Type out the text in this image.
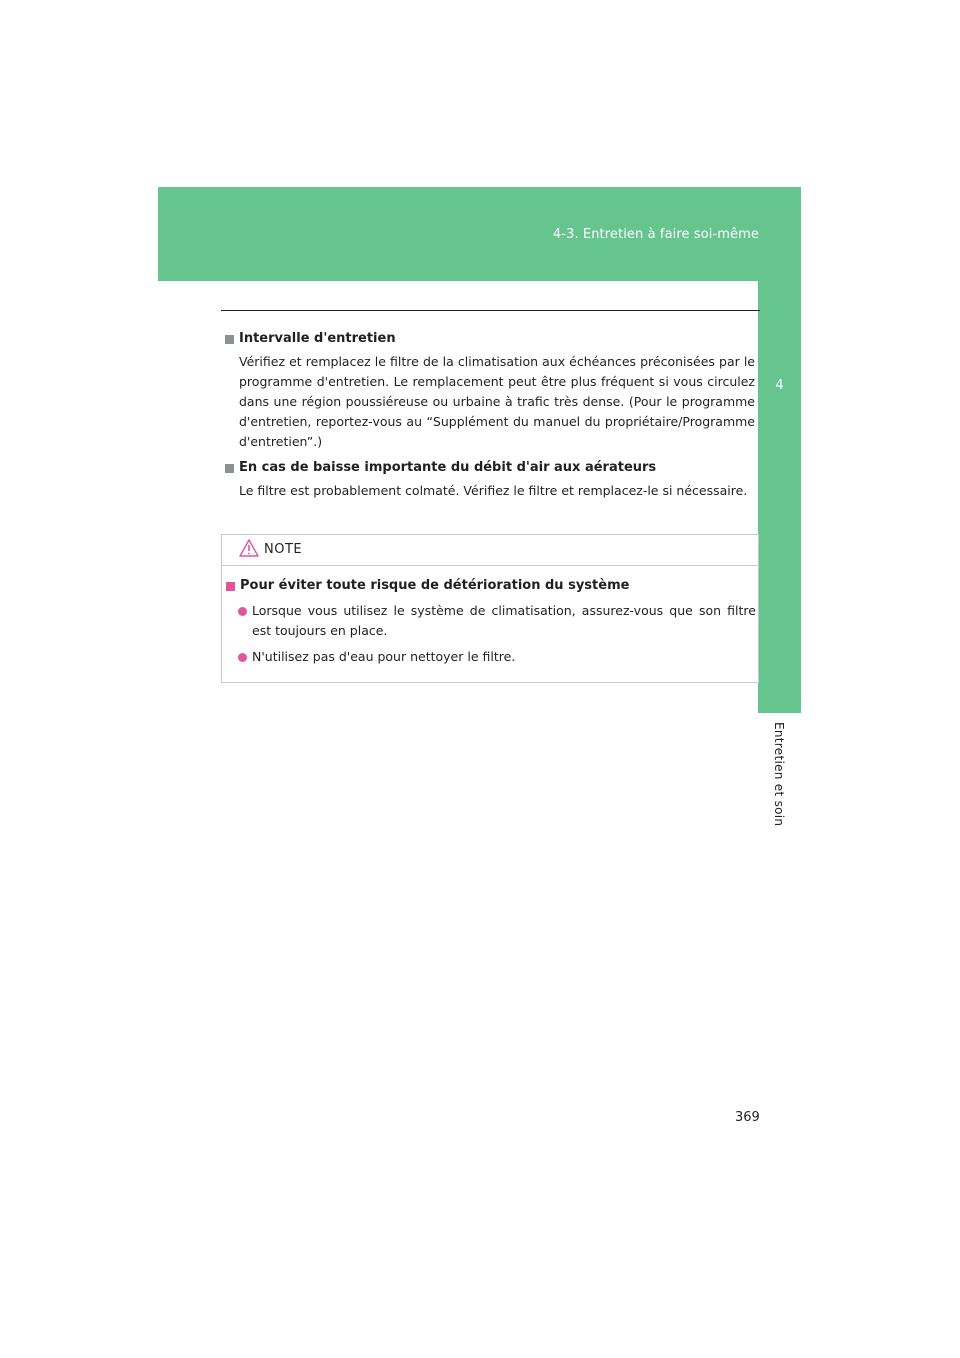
4-3. Entretien à faire soi-même
4
Entretien et soin
Intervalle d'entretien
Vérifiez et remplacez le filtre de la climatisation aux échéances préconisées par le programme d'entretien. Le remplacement peut être plus fréquent si vous circulez dans une région poussiéreuse ou urbaine à trafic très dense. (Pour le programme d'entretien, reportez-vous au “Supplément du manuel du propriétaire/Programme d'entretien”.)
En cas de baisse importante du débit d'air aux aérateurs
Le filtre est probablement colmaté. Vérifiez le filtre et remplacez-le si nécessaire.
NOTE
Pour éviter toute risque de détérioration du système
Lorsque vous utilisez le système de climatisation, assurez-vous que son filtre est toujours en place.
N'utilisez pas d'eau pour nettoyer le filtre.
369
